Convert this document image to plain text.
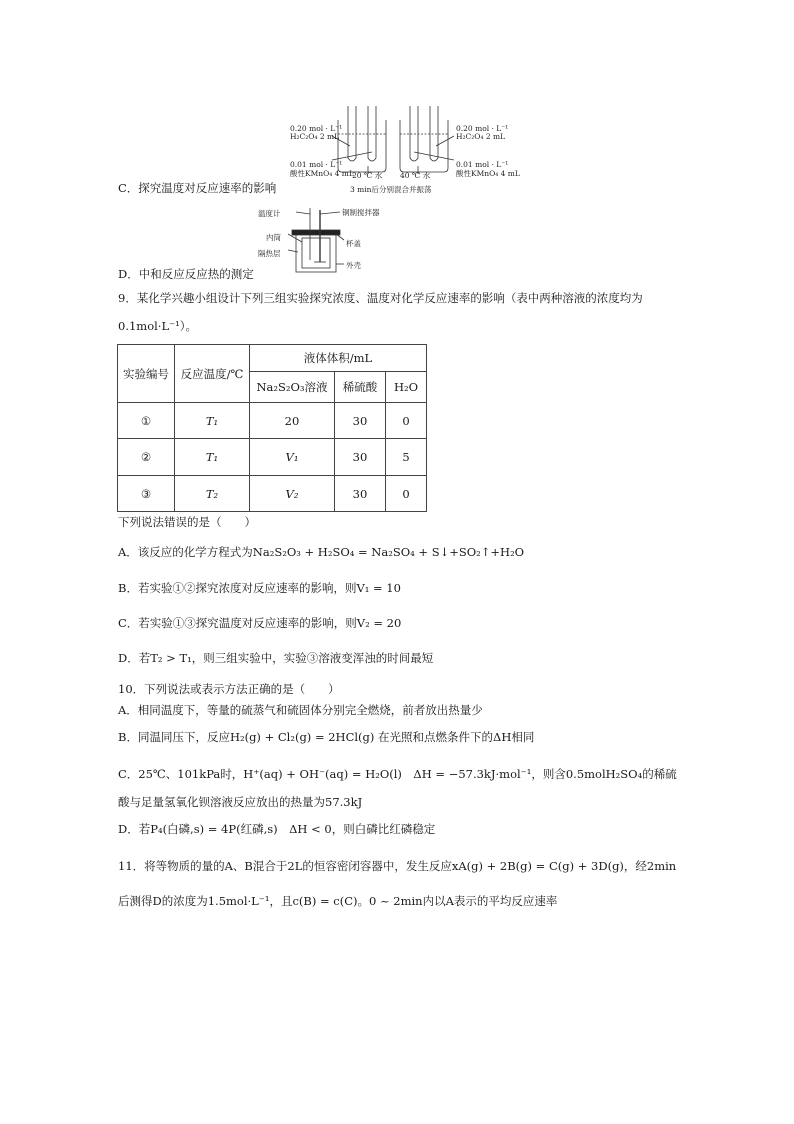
0.20 mol · L⁻¹
H₂C₂O₄ 2 mL
0.01 mol · L⁻¹
酸性KMnO₄ 4 mL
20 ℃ 水
0.20 mol · L⁻¹
H₂C₂O₄ 2 mL
0.01 mol · L⁻¹
酸性KMnO₄ 4 mL
40 ℃ 水
3 min后分别混合并振荡
C．探究温度对反应速率的影响
温度计	铜制搅拌器
内筒
杯盖
隔热层
外壳
D．中和反应反应热的测定
9．某化学兴趣小组设计下列三组实验探究浓度、温度对化学反应速率的影响（表中两种溶液的浓度均为
0.1mol·L⁻¹）。
实验编号	反应温度/℃	液体体积/mL		
		Na₂S₂O₃溶液	稀硫酸	H₂O
①	T₁	20	30	0
②	T₁	V₁	30	5
③	T₂	V₂	30	0
下列说法错误的是（　　）
A．该反应的化学方程式为Na₂S₂O₃ + H₂SO₄ = Na₂SO₄ + S↓+SO₂↑+H₂O
B．若实验①②探究浓度对反应速率的影响，则V₁ = 10
C．若实验①③探究温度对反应速率的影响，则V₂ = 20
D．若T₂ > T₁，则三组实验中，实验③溶液变浑浊的时间最短
10．下列说法或表示方法正确的是（　　）
A．相同温度下，等量的硫蒸气和硫固体分别完全燃烧，前者放出热量少
B．同温同压下，反应H₂(g) + Cl₂(g) = 2HCl(g) 在光照和点燃条件下的ΔH相同
C．25℃、101kPa时，H⁺(aq) + OH⁻(aq) = H₂O(l)　ΔH = −57.3kJ·mol⁻¹，则含0.5molH₂SO₄的稀硫
酸与足量氢氧化钡溶液反应放出的热量为57.3kJ
D．若P₄(白磷,s) = 4P(红磷,s)　ΔH < 0，则白磷比红磷稳定
11．将等物质的量的A、B混合于2L的恒容密闭容器中，发生反应xA(g) + 2B(g) = C(g) + 3D(g)，经2min
后测得D的浓度为1.5mol·L⁻¹，且c(B) = c(C)。0 ~ 2min内以A表示的平均反应速率
